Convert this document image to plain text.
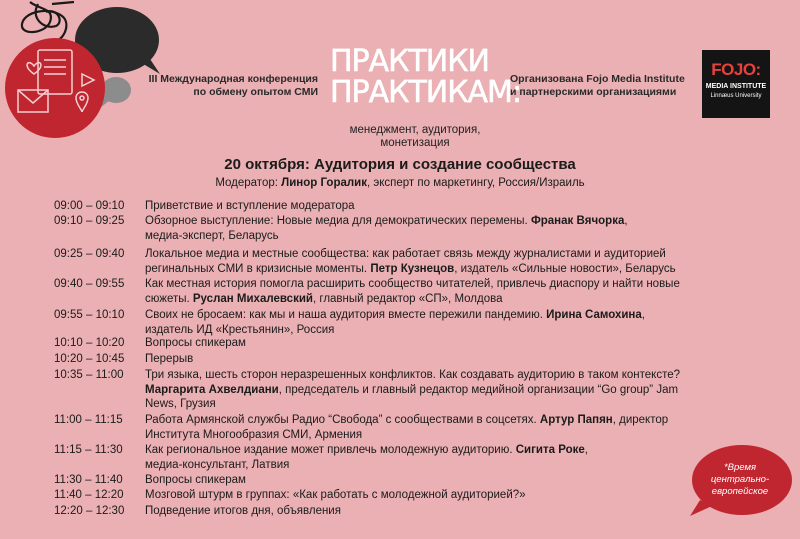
III Международная конференция
по обмену опытом СМИ
ПРАКТИКИ
ПРАКТИКАМ:
менеджмент, аудитория,
монетизация
Организована Fojo Media Institute
и партнерскими организациями
FOJO:
MEDIA INSTITUTE
Linnæus University
20 октября: Аудитория и создание сообщества
Модератор: Линор Горалик, эксперт по маркетингу, Россия/Израиль
09:00 – 09:10	Приветствие и вступление модератора
09:10 – 09:25	Обзорное выступление: Новые медиа для демократических перемены. Франак Вячорка,
медиа-эксперт, Беларусь
09:25 – 09:40	Локальное медиа и местные сообщества: как работает связь между журналистами и аудиторией
регинальных СМИ в кризисные моменты. Петр Кузнецов, издатель «Сильные новости», Беларусь
09:40 – 09:55	Как местная история помогла расширить сообщество читателей, привлечь диаспору и найти новые
сюжеты. Руслан Михалевский, главный редактор «СП», Молдова
09:55 – 10:10	Своих не бросаем: как мы и наша аудитория вместе пережили пандемию. Ирина Самохина,
издатель ИД «Крестьянин», Россия
10:10 – 10:20	Вопросы спикерам
10:20 – 10:45	Перерыв
10:35 – 11:00	Три языка, шесть сторон неразрешенных конфликтов. Как создавать аудиторию в таком контексте?
Маргарита Ахвелдиани, председатель и главный редактор медийной организации “Go group” Jam
News, Грузия
11:00 – 11:15	Работа Армянской службы Радио “Свобода” с сообществами в соцсетях. Артур Папян, директор
Института Многообразия СМИ, Армения
11:15 – 11:30	Как региональное издание может привлечь молодежную аудиторию. Сигита Роке,
медиа-консультант, Латвия
11:30 – 11:40	Вопросы спикерам
11:40 – 12:20	Мозговой штурм в группах: «Как работать с молодежной аудиторией?»
12:20 – 12:30	Подведение итогов дня, объявления
*Время
центрально-
европейское
